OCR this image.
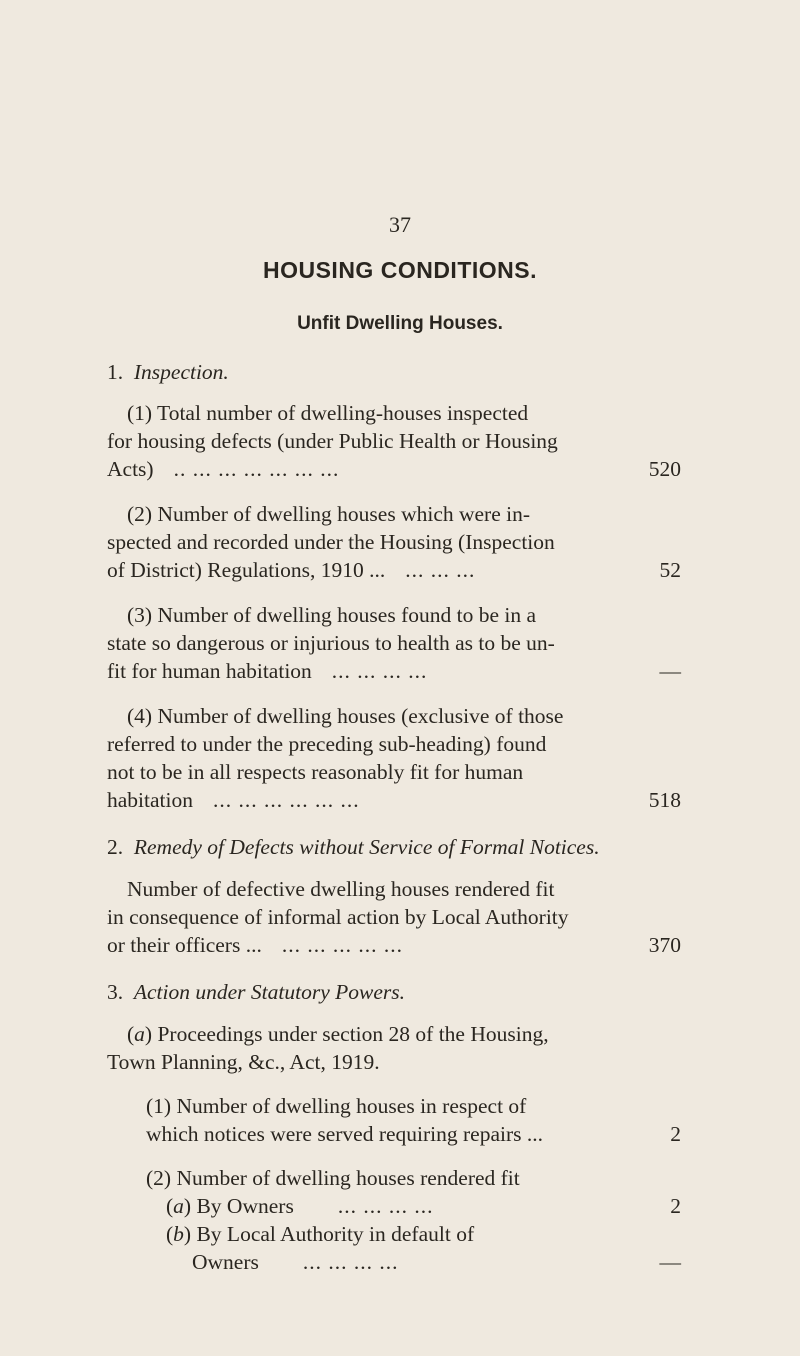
37
HOUSING CONDITIONS.
Unfit Dwelling Houses.
1. Inspection.
(1) Total number of dwelling-houses inspected
for housing defects (under Public Health or Housing
Acts) .. ... ... ... ... ... ...	520
(2) Number of dwelling houses which were in-
spected and recorded under the Housing (Inspection
of District) Regulations, 1910 ... ... ... ...	52
(3) Number of dwelling houses found to be in a
state so dangerous or injurious to health as to be un-
fit for human habitation ... ... ... ...	—
(4) Number of dwelling houses (exclusive of those
referred to under the preceding sub-heading) found
not to be in all respects reasonably fit for human
habitation ... ... ... ... ... ...	518
2. Remedy of Defects without Service of Formal Notices.
Number of defective dwelling houses rendered fit
in consequence of informal action by Local Authority
or their officers ... ... ... ... ... ...	370
3. Action under Statutory Powers.
(a) Proceedings under section 28 of the Housing,
Town Planning, &c., Act, 1919.
(1) Number of dwelling houses in respect of
which notices were served requiring repairs ...	2
(2) Number of dwelling houses rendered fit
(a) By Owners	... ... ... ...	2
(b) By Local Authority in default of
Owners	... ... ... ...	—
